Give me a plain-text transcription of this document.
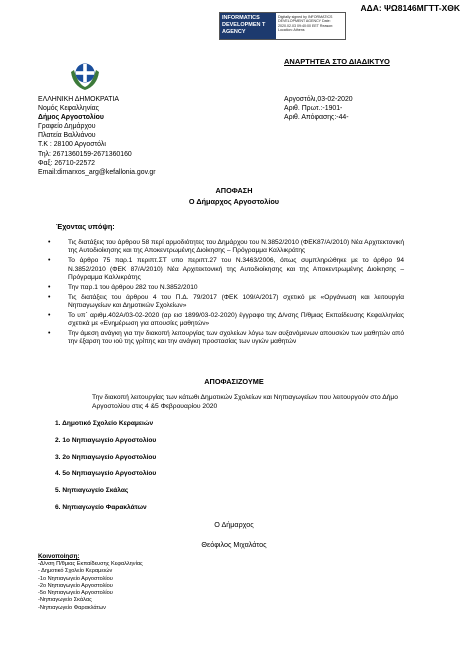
ΑΔΑ: ΨΩ8146ΜΓΤΤ-ΧΘΚ
INFORMATICS DEVELOPMEN T AGENCY
Digitally signed by INFORMATICS DEVELOPMENT AGENCY Date: 2020.02.03 09:40:00 EET Reason: Location: Athens
ΑΝΑΡΤΗΤΕΑ ΣΤΟ ΔΙΑΔΙΚΤΥΟ
ΕΛΛΗΝΙΚΗ ΔΗΜΟΚΡΑΤΙΑ
Νομός Κεφαλληνίας
Δήμος Αργοστολίου
Γραφείο Δημάρχου
Πλατεία Βαλλιάνου
Τ.Κ : 28100 Αργοστόλι
Τηλ: 2671360159-2671360160
Φαξ: 26710-22572
Email:dimarxos_arg@kefallonia.gov.gr
Αργοστόλι,03-02-2020
Αριθ. Πρωτ.:-1901-
Αριθ. Απόφασης:-44-
ΑΠΟΦΑΣΗ
Ο Δήμαρχος Αργοστολίου
Έχοντας υπόψη:
• Τις διατάξεις του άρθρου 58 περί αρμοδιότητες του Δημάρχου του Ν.3852/2010 (ΦΕΚ87/Α/2010) Νέα Αρχιτεκτονική της Αυτοδιοίκησης και της Αποκεντρωμένης Διοίκησης – Πρόγραμμα Καλλικράτης
• Το άρθρο 75 παρ.1 περιπτ.ΣΤ υπο περιπτ.27 του Ν.3463/2006, όπως συμπληρώθηκε με το άρθρο 94 Ν.3852/2010 (ΦΕΚ 87/Α/2010) Νέα Αρχιτεκτονική της Αυτοδιοίκησης και της Αποκεντρωμένης Διοίκησης – Πρόγραμμα Καλλικράτης
• Την παρ.1 του άρθρου 282 του Ν.3852/2010
• Τις διατάξεις του άρθρου 4 του Π.Δ. 79/2017 (ΦΕΚ 109/Α/2017) σχετικό με «Οργάνωση και λειτουργία Νηπιαγωγείων και Δημοτικών Σχολείων»
• Το υπ΄ αριθμ.402Α/03-02-2020 (αρ εισ 1899/03-02-2020) έγγραφο της Δ/νσης Π/θμιας Εκπαίδευσης Κεφαλληνίας σχετικά με «Ενημέρωση για απουσίες μαθητών»
• Την άμεση ανάγκη για την διακοπή λειτουργίας των σχολείων λόγω των αυξανόμενων απουσιών των μαθητών από την έξαρση του ιού της γρίπης και την ανάγκη προστασίας των υγιών μαθητών
ΑΠΟΦΑΣΙΖΟΥΜΕ
Την διακοπή λειτουργίας των κάτωθι Δημοτικών Σχολείων και Νηπιαγωγείων που λειτουργούν στο Δήμο Αργοστολίου στις 4 &5 Φεβρουαρίου 2020
1. Δημοτικό Σχολείο Κεραμειών
2. 1ο Νηπιαγωγείο Αργοστολίου
3. 2ο Νηπιαγωγείο Αργοστολίου
4. 5ο Νηπιαγωγείο Αργοστολίου
5. Νηπιαγωγείο Σκάλας
6. Νηπιαγωγείο Φαρακλάτων
Ο Δήμαρχος
Θεόφιλος Μιχαλάτος
Κοινοποίηση:
-Δ/νση Π/θμιας Εκπαίδευσης Κεφαλληνίας
- Δημοτικό Σχολείο Κεραμειών
-1ο Νηπιαγωγείο Αργοστολίου
-2ο Νηπιαγωγείο Αργοστολίου
-5ο Νηπιαγωγείο Αργοστολίου
-Νηπιαγωγείο Σκάλας
-Νηπιαγωγείο Φαρακλάτων
